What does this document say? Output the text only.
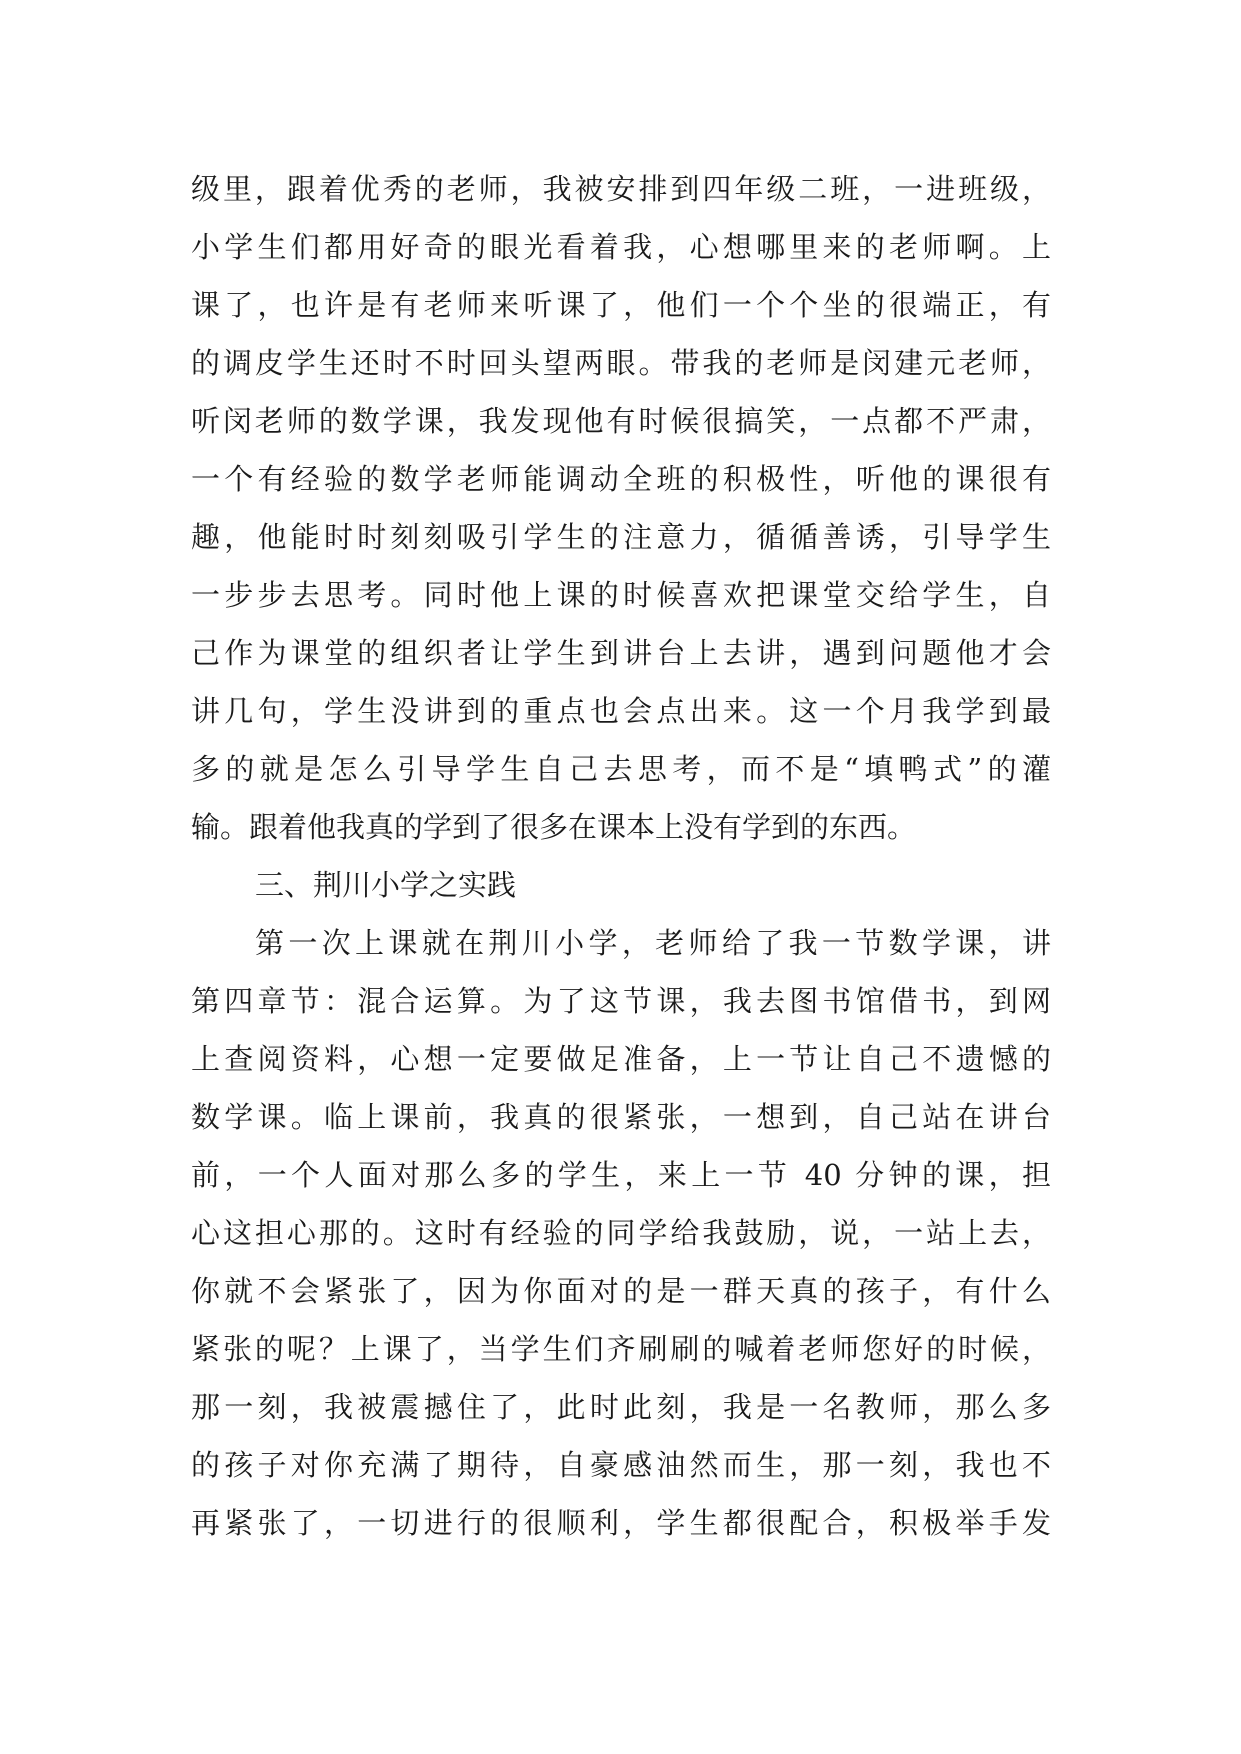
级里，跟着优秀的老师，我被安排到四年级二班，一进班级，
小学生们都用好奇的眼光看着我，心想哪里来的老师啊。上
课了，也许是有老师来听课了，他们一个个坐的很端正，有
的调皮学生还时不时回头望两眼。带我的老师是闵建元老师，
听闵老师的数学课，我发现他有时候很搞笑，一点都不严肃，
一个有经验的数学老师能调动全班的积极性，听他的课很有
趣，他能时时刻刻吸引学生的注意力，循循善诱，引导学生
一步步去思考。同时他上课的时候喜欢把课堂交给学生，自
己作为课堂的组织者让学生到讲台上去讲，遇到问题他才会
讲几句，学生没讲到的重点也会点出来。这一个月我学到最
多的就是怎么引导学生自己去思考，而不是“填鸭式”的灌
输。跟着他我真的学到了很多在课本上没有学到的东西。
三、荆川小学之实践
第一次上课就在荆川小学，老师给了我一节数学课，讲
第四章节：混合运算。为了这节课，我去图书馆借书，到网
上查阅资料，心想一定要做足准备，上一节让自己不遗憾的
数学课。临上课前，我真的很紧张，一想到，自己站在讲台
前，一个人面对那么多的学生，来上一节 40 分钟的课，担
心这担心那的。这时有经验的同学给我鼓励，说，一站上去，
你就不会紧张了，因为你面对的是一群天真的孩子，有什么
紧张的呢？上课了，当学生们齐刷刷的喊着老师您好的时候，
那一刻，我被震撼住了，此时此刻，我是一名教师，那么多
的孩子对你充满了期待，自豪感油然而生，那一刻，我也不
再紧张了，一切进行的很顺利，学生都很配合，积极举手发
